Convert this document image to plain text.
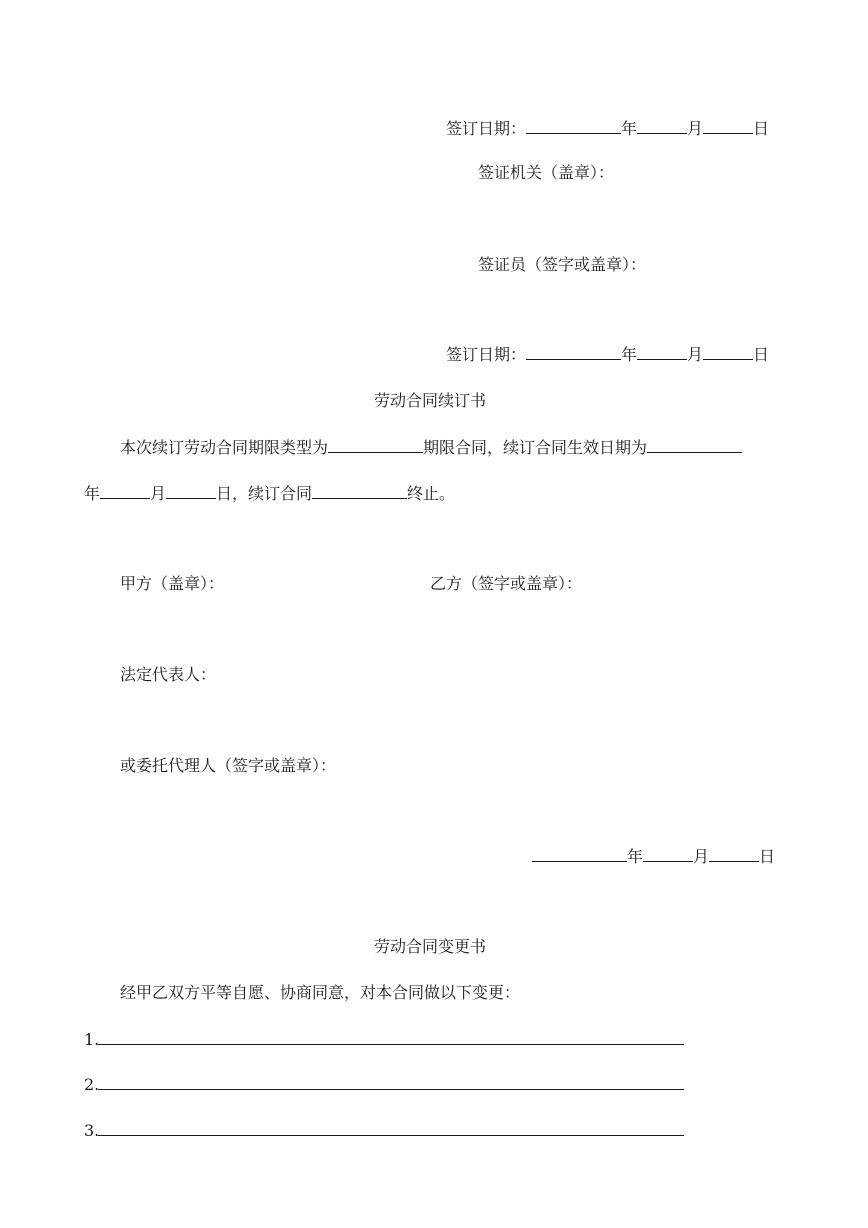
签订日期：	年	月	日
签证机关（盖章）：
签证员（签字或盖章）：
签订日期：	年	月	日
劳动合同续订书
本次续订劳动合同期限类型为	期限合同，续订合同生效日期为
年	月	日，续订合同	终止。
甲方（盖章）：	乙方（签字或盖章）：
法定代表人：
或委托代理人（签字或盖章）：
年	月	日
劳动合同变更书
经甲乙双方平等自愿、协商同意，对本合同做以下变更：
1.
2.
3.
